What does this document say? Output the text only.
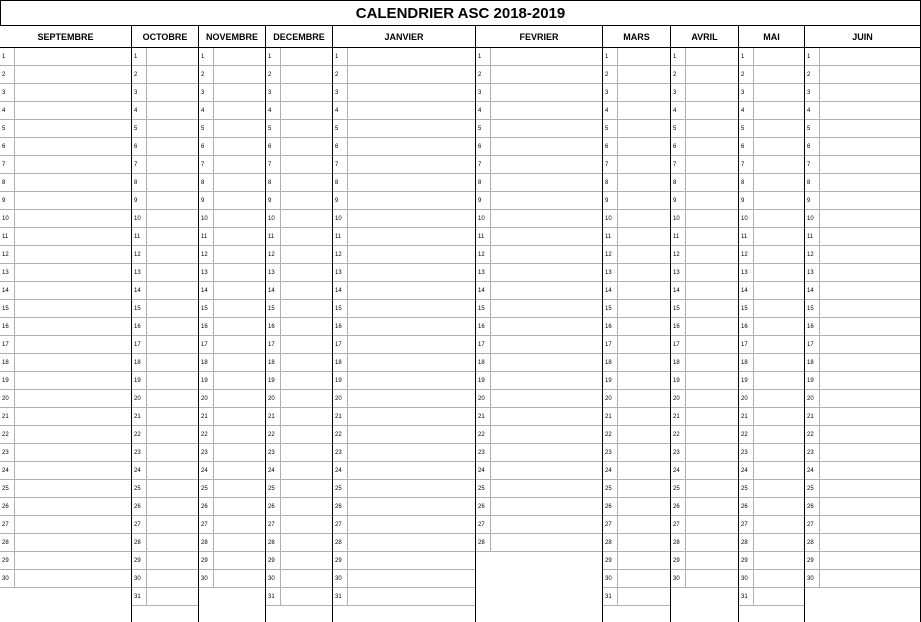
CALENDRIER ASC 2018-2019
SEPTEMBRE
1
2
3
4
5
6
7
8
9
10
11
12
13
14
15
16
17
18
19
20
21
22
23
24
25
26
27
28
29
30
OCTOBRE
1
2
3
4
5
6
7
8
9
10
11
12
13
14
15
16
17
18
19
20
21
22
23
24
25
26
27
28
29
30
31
NOVEMBRE
1
2
3
4
5
6
7
8
9
10
11
12
13
14
15
16
17
18
19
20
21
22
23
24
25
26
27
28
29
30
DECEMBRE
1
2
3
4
5
6
7
8
9
10
11
12
13
14
15
16
17
18
19
20
21
22
23
24
25
26
27
28
29
30
31
JANVIER
1
2
3
4
5
6
7
8
9
10
11
12
13
14
15
16
17
18
19
20
21
22
23
24
25
26
27
28
29
30
31
FEVRIER
1
2
3
4
5
6
7
8
9
10
11
12
13
14
15
16
17
18
19
20
21
22
23
24
25
26
27
28
MARS
1
2
3
4
5
6
7
8
9
10
11
12
13
14
15
16
17
18
19
20
21
22
23
24
25
26
27
28
29
30
31
AVRIL
1
2
3
4
5
6
7
8
9
10
11
12
13
14
15
16
17
18
19
20
21
22
23
24
25
26
27
28
29
30
MAI
1
2
3
4
5
6
7
8
9
10
11
12
13
14
15
16
17
18
19
20
21
22
23
24
25
26
27
28
29
30
31
JUIN
1
2
3
4
5
6
7
8
9
10
11
12
13
14
15
16
17
18
19
20
21
22
23
24
25
26
27
28
29
30
